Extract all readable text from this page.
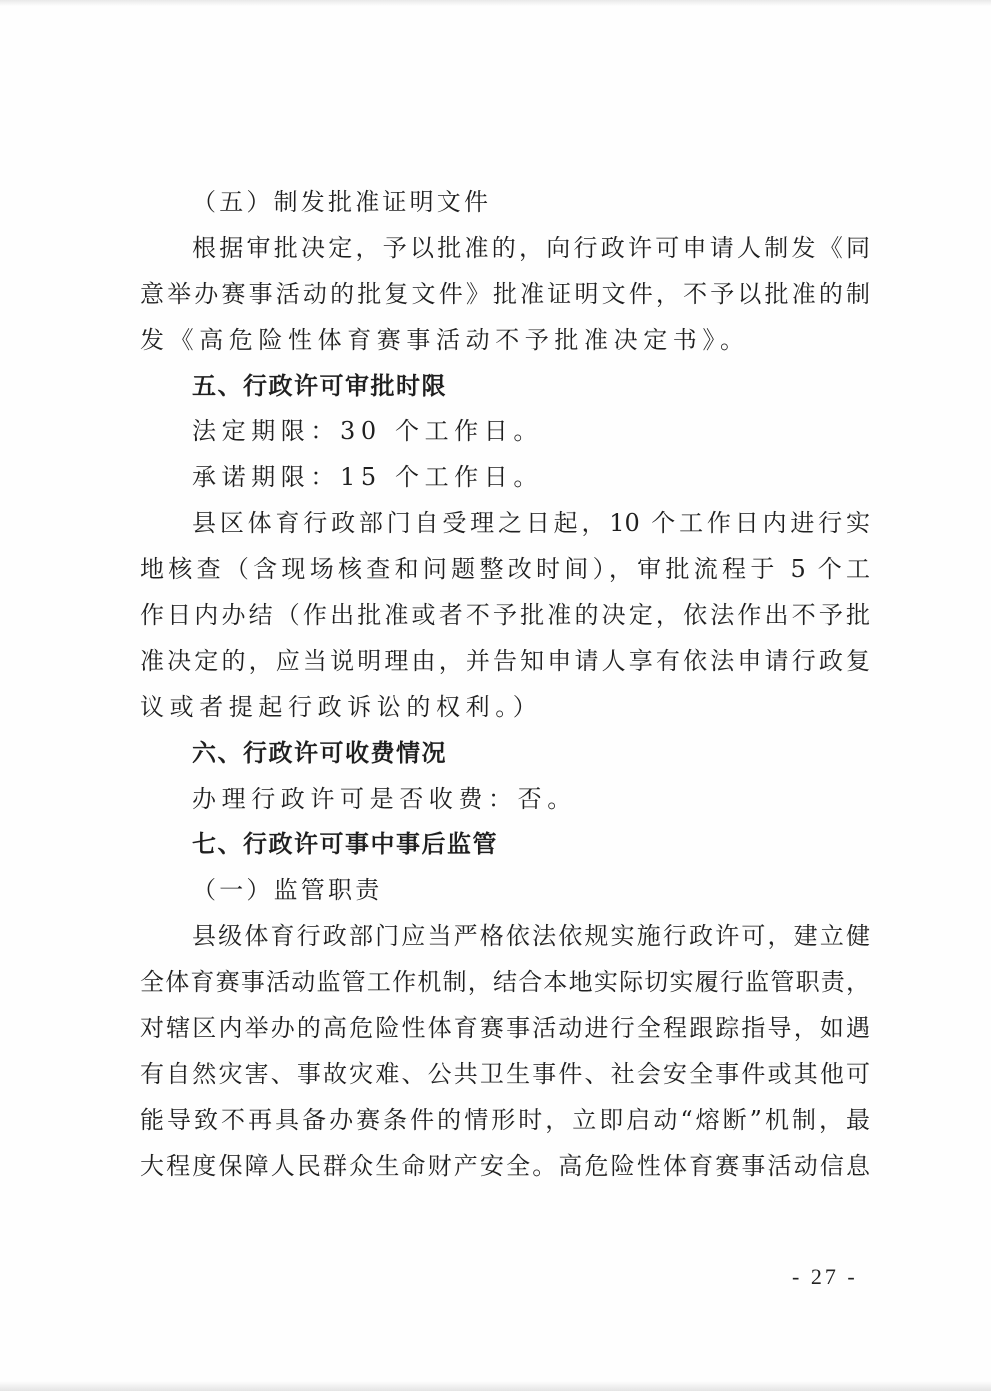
（五）制发批准证明文件
根据审批决定，予以批准的，向行政许可申请人制发《同
意举办赛事活动的批复文件》批准证明文件，不予以批准的制
发《高危险性体育赛事活动不予批准决定书》。
五、行政许可审批时限
法定期限：30 个工作日。
承诺期限：15 个工作日。
县区体育行政部门自受理之日起，10 个工作日内进行实
地核查（含现场核查和问题整改时间），审批流程于 5 个工
作日内办结（作出批准或者不予批准的决定，依法作出不予批
准决定的，应当说明理由，并告知申请人享有依法申请行政复
议或者提起行政诉讼的权利。）
六、行政许可收费情况
办理行政许可是否收费：否。
七、行政许可事中事后监管
（一）监管职责
县级体育行政部门应当严格依法依规实施行政许可，建立健
全体育赛事活动监管工作机制，结合本地实际切实履行监管职责，
对辖区内举办的高危险性体育赛事活动进行全程跟踪指导，如遇
有自然灾害、事故灾难、公共卫生事件、社会安全事件或其他可
能导致不再具备办赛条件的情形时，立即启动“熔断”机制，最
大程度保障人民群众生命财产安全。高危险性体育赛事活动信息
- 27 -
